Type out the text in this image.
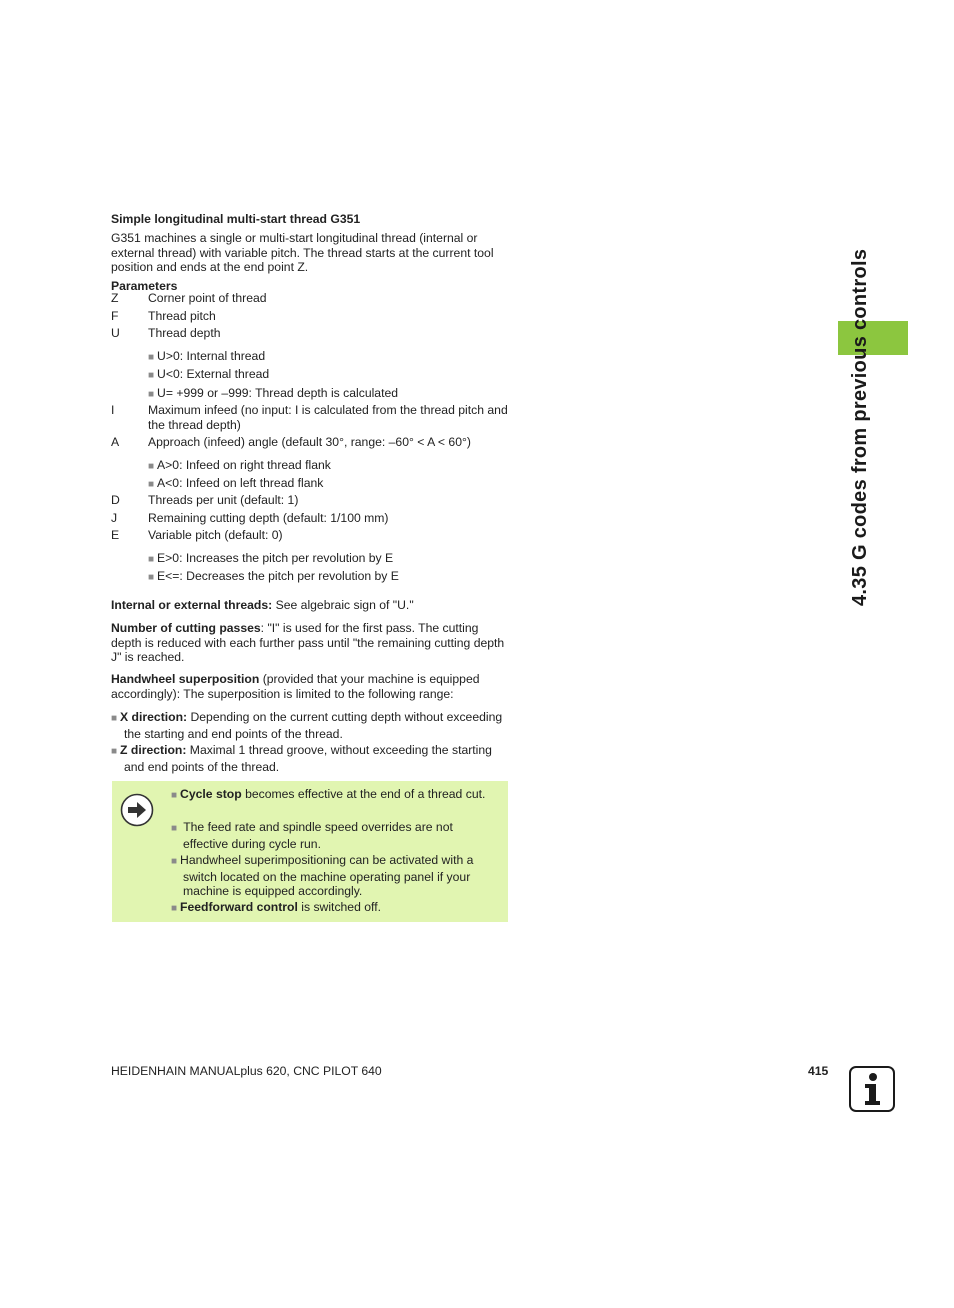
Simple longitudinal multi-start thread G351
G351 machines a single or multi-start longitudinal thread (internal or external thread) with variable pitch. The thread starts at the current tool position and ends at the end point Z.
Parameters
Z	Corner point of thread
F	Thread pitch
U	Thread depth
■ U>0: Internal thread
■ U<0: External thread
■ U= +999 or –999: Thread depth is calculated
I	Maximum infeed (no input: I is calculated from the thread pitch and the thread depth)
A	Approach (infeed) angle (default 30°, range: –60° < A < 60°)
■ A>0: Infeed on right thread flank
■ A<0: Infeed on left thread flank
D	Threads per unit (default: 1)
J	Remaining cutting depth (default: 1/100 mm)
E	Variable pitch (default: 0)
■ E>0: Increases the pitch per revolution by E
■ E<=: Decreases the pitch per revolution by E
Internal or external threads: See algebraic sign of "U."
Number of cutting passes: "I" is used for the first pass. The cutting depth is reduced with each further pass until "the remaining cutting depth J" is reached.
Handwheel superposition (provided that your machine is equipped accordingly): The superposition is limited to the following range:
■ X direction: Depending on the current cutting depth without exceeding the starting and end points of the thread.
■ Z direction: Maximal 1 thread groove, without exceeding the starting and end points of the thread.
■ Cycle stop becomes effective at the end of a thread cut.
■ The feed rate and spindle speed overrides are not effective during cycle run.
■ Handwheel superimpositioning can be activated with a switch located on the machine operating panel if your machine is equipped accordingly.
■ Feedforward control is switched off.
4.35 G codes from previous controls
HEIDENHAIN MANUALplus 620, CNC PILOT 640	415
